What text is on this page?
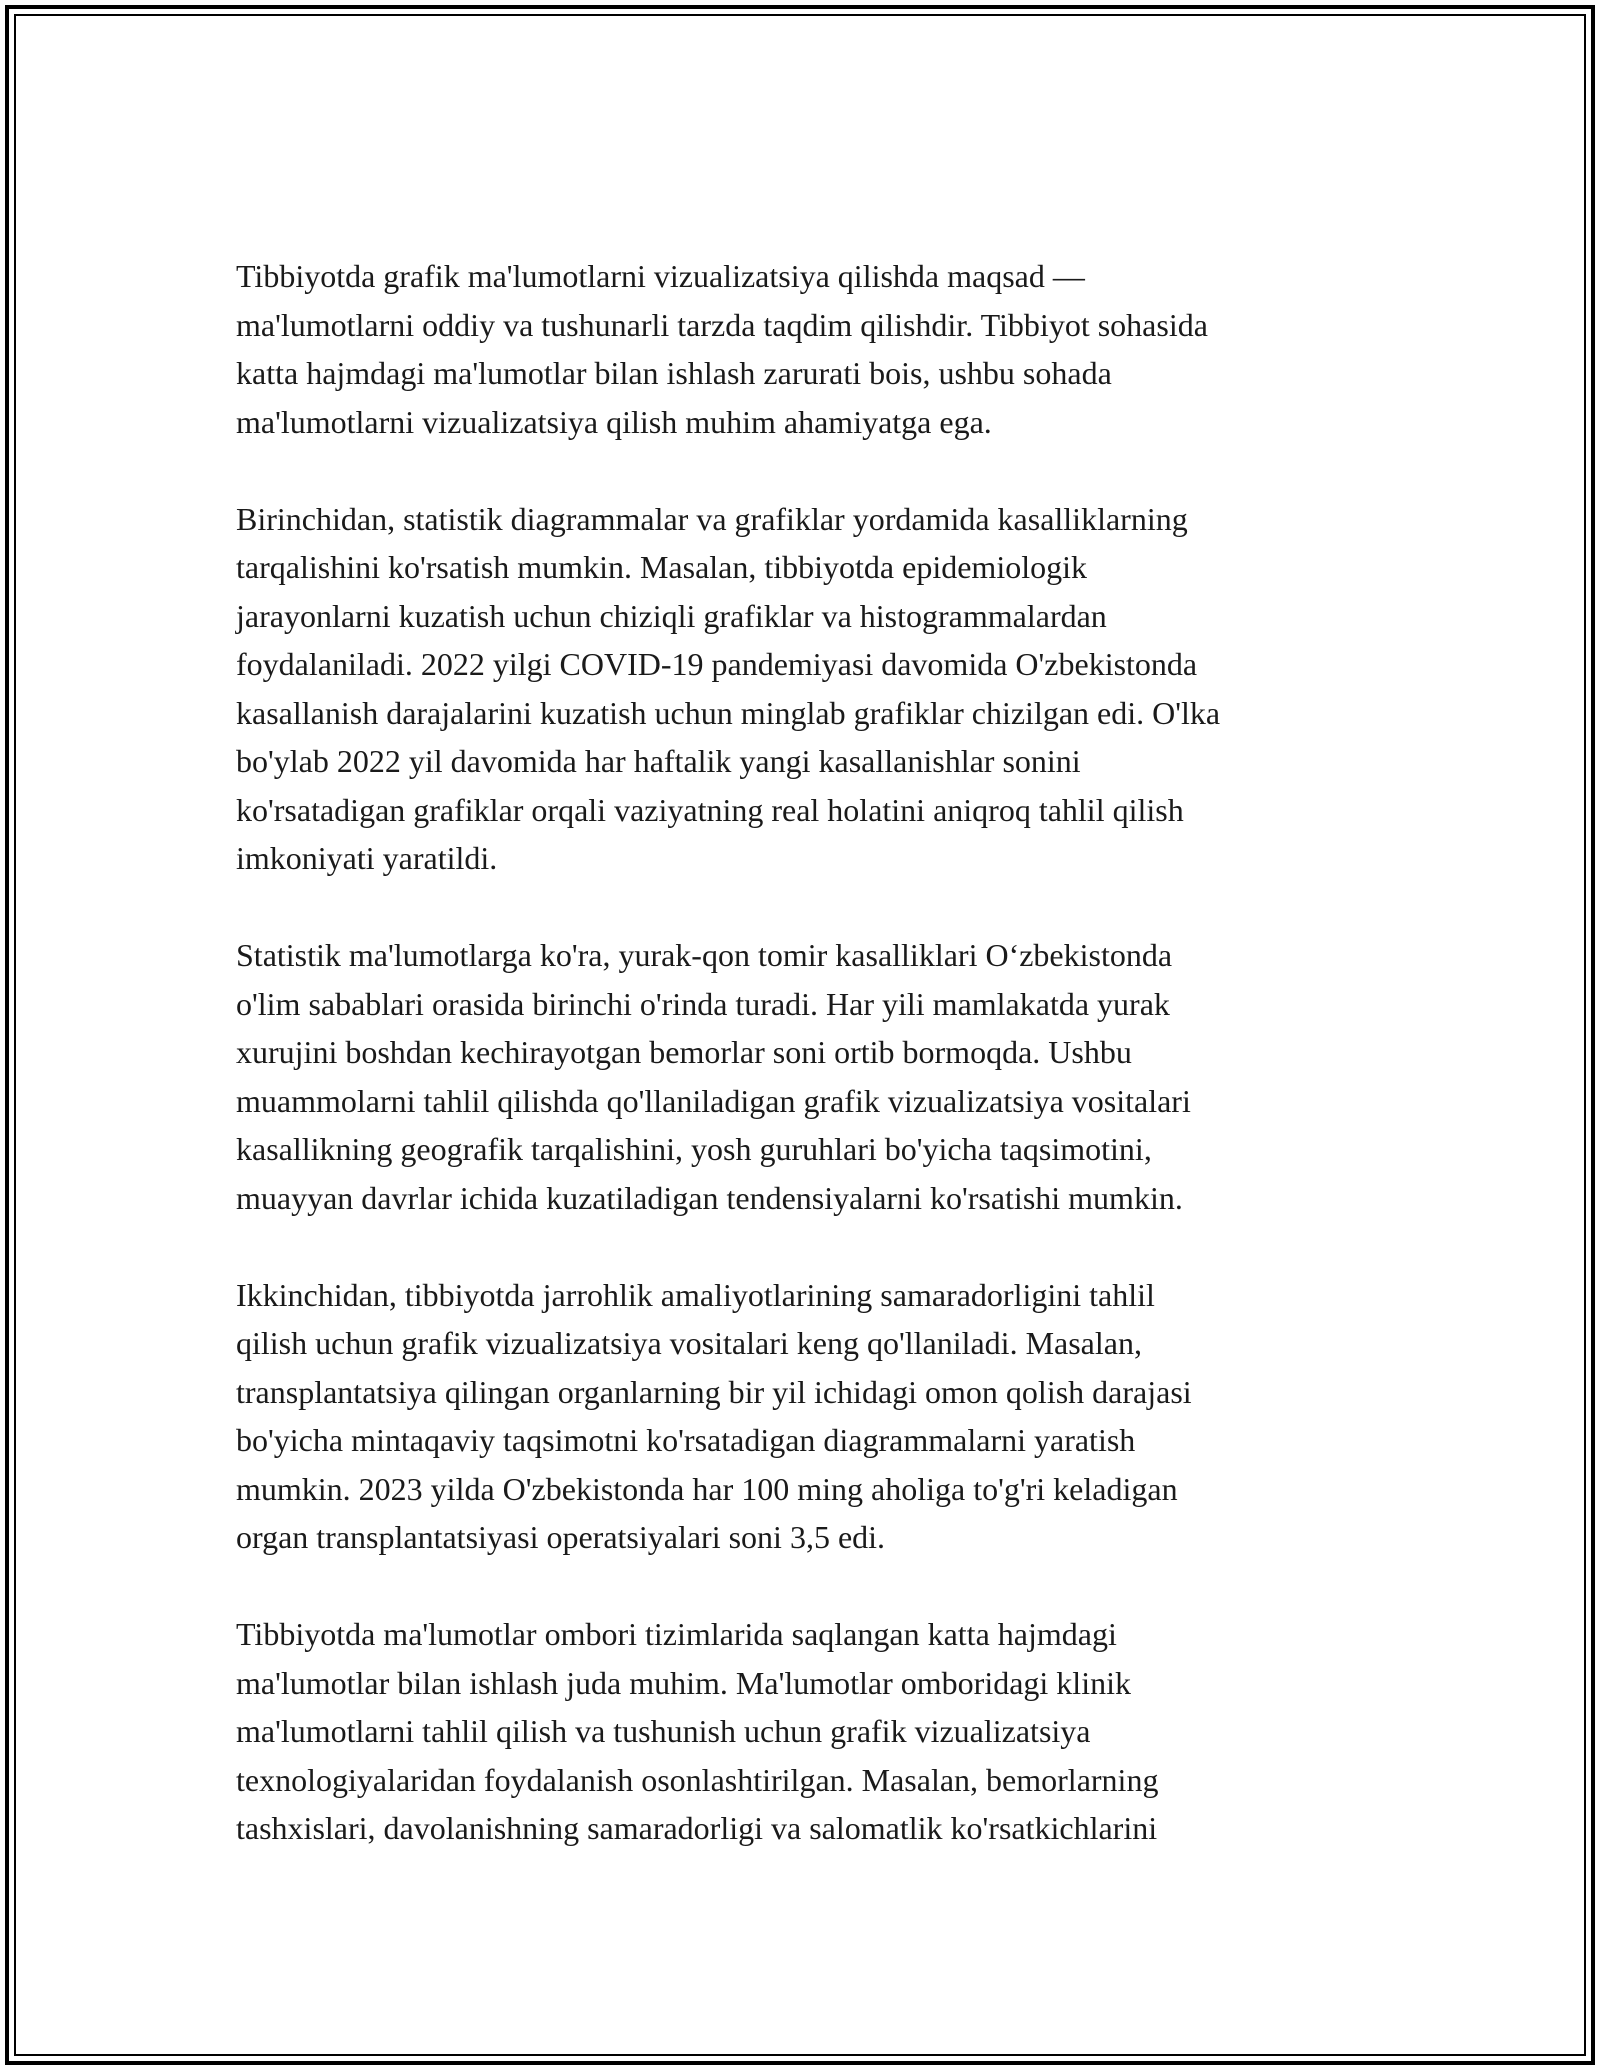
Tibbiyotda grafik ma'lumotlarni vizualizatsiya qilishda maqsad —
ma'lumotlarni oddiy va tushunarli tarzda taqdim qilishdir. Tibbiyot sohasida
katta hajmdagi ma'lumotlar bilan ishlash zarurati bois, ushbu sohada
ma'lumotlarni vizualizatsiya qilish muhim ahamiyatga ega.

Birinchidan, statistik diagrammalar va grafiklar yordamida kasalliklarning
tarqalishini ko'rsatish mumkin. Masalan, tibbiyotda epidemiologik
jarayonlarni kuzatish uchun chiziqli grafiklar va histogrammalardan
foydalaniladi. 2022 yilgi COVID-19 pandemiyasi davomida O'zbekistonda
kasallanish darajalarini kuzatish uchun minglab grafiklar chizilgan edi. O'lka
bo'ylab 2022 yil davomida har haftalik yangi kasallanishlar sonini
ko'rsatadigan grafiklar orqali vaziyatning real holatini aniqroq tahlil qilish
imkoniyati yaratildi.

Statistik ma'lumotlarga ko'ra, yurak-qon tomir kasalliklari O‘zbekistonda
o'lim sabablari orasida birinchi o'rinda turadi. Har yili mamlakatda yurak
xurujini boshdan kechirayotgan bemorlar soni ortib bormoqda. Ushbu
muammolarni tahlil qilishda qo'llaniladigan grafik vizualizatsiya vositalari
kasallikning geografik tarqalishini, yosh guruhlari bo'yicha taqsimotini,
muayyan davrlar ichida kuzatiladigan tendensiyalarni ko'rsatishi mumkin.

Ikkinchidan, tibbiyotda jarrohlik amaliyotlarining samaradorligini tahlil
qilish uchun grafik vizualizatsiya vositalari keng qo'llaniladi. Masalan,
transplantatsiya qilingan organlarning bir yil ichidagi omon qolish darajasi
bo'yicha mintaqaviy taqsimotni ko'rsatadigan diagrammalarni yaratish
mumkin. 2023 yilda O'zbekistonda har 100 ming aholiga to'g'ri keladigan
organ transplantatsiyasi operatsiyalari soni 3,5 edi.

Tibbiyotda ma'lumotlar ombori tizimlarida saqlangan katta hajmdagi
ma'lumotlar bilan ishlash juda muhim. Ma'lumotlar omboridagi klinik
ma'lumotlarni tahlil qilish va tushunish uchun grafik vizualizatsiya
texnologiyalaridan foydalanish osonlashtirilgan. Masalan, bemorlarning
tashxislari, davolanishning samaradorligi va salomatlik ko'rsatkichlarini
